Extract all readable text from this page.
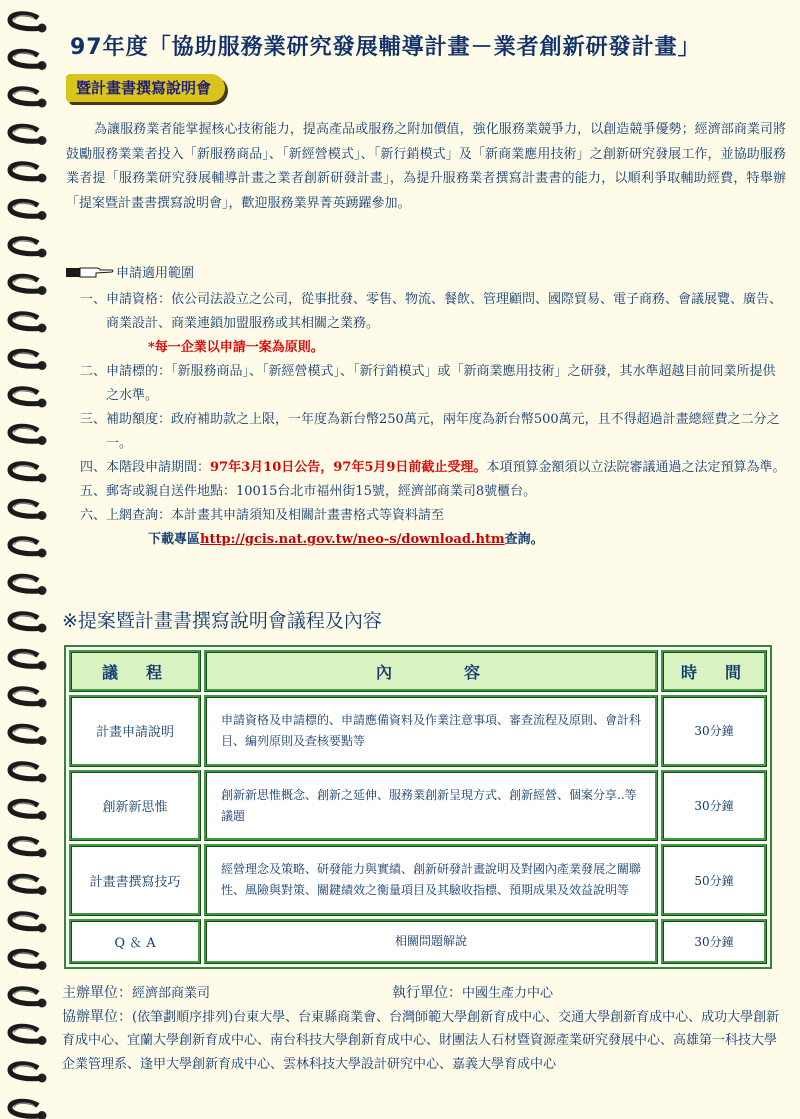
97年度「協助服務業研究發展輔導計畫－業者創新研發計畫」
暨計畫書撰寫說明會

為讓服務業者能掌握核心技術能力，提高產品或服務之附加價值，強化服務業競爭力，以創造競爭優勢；經濟部商業司將鼓勵服務業業者投入「新服務商品」、「新經營模式」、「新行銷模式」及「新商業應用技術」之創新研究發展工作，並協助服務業者提「服務業研究發展輔導計畫之業者創新研發計畫」，為提升服務業者撰寫計畫書的能力，以順利爭取輔助經費，特舉辦「提案暨計畫書撰寫說明會」，歡迎服務業界菁英踴躍參加。

申請適用範圍
一、 申請資格：依公司法設立之公司，從事批發、零售、物流、餐飲、管理顧問、國際貿易、電子商務、會議展覽、廣告、商業設計、商業連鎖加盟服務或其相關之業務。
*每一企業以申請一案為原則。
二、 申請標的：「新服務商品」、「新經營模式」、「新行銷模式」或「新商業應用技術」之研發，其水準超越目前同業所提供之水準。
三、 補助額度：政府補助款之上限，一年度為新台幣250萬元，兩年度為新台幣500萬元，且不得超過計畫總經費之二分之一。
四、 本階段申請期間：97年3月10日公告，97年5月9日前截止受理。本項預算金額須以立法院審議通過之法定預算為準。
五、 郵寄或親自送件地點：10015台北市福州街15號，經濟部商業司8號櫃台。
六、 上網查詢：本計畫其申請須知及相關計畫書格式等資料請至
下載專區http://gcis.nat.gov.tw/neo-s/download.htm查詢。
※提案暨計畫書撰寫說明會議程及內容
議　程	內　　　容	時　間
計畫申請說明	申請資格及申請標的、申請應備資料及作業注意事項、審查流程及原則、會計科目、編列原則及查核要點等	30分鐘
創新新思惟	創新新思惟概念、創新之延伸、服務業創新呈現方式、創新經營、個案分享..等議題	30分鐘
計畫書撰寫技巧	經營理念及策略、研發能力與實績、創新研發計畫說明及對國內產業發展之關聯性、風險與對策、關鍵績效之衡量項目及其驗收指標、預期成果及效益說明等	50分鐘
Q ＆ A	相關問題解說	30分鐘
主辦單位：經濟部商業司	執行單位：中國生產力中心
協辦單位：(依筆劃順序排列)台東大學、台東縣商業會、台灣師範大學創新育成中心、交通大學創新育成中心、成功大學創新育成中心、宜蘭大學創新育成中心、南台科技大學創新育成中心、財團法人石材暨資源產業研究發展中心、高雄第一科技大學企業管理系、逢甲大學創新育成中心、雲林科技大學設計研究中心、嘉義大學育成中心
